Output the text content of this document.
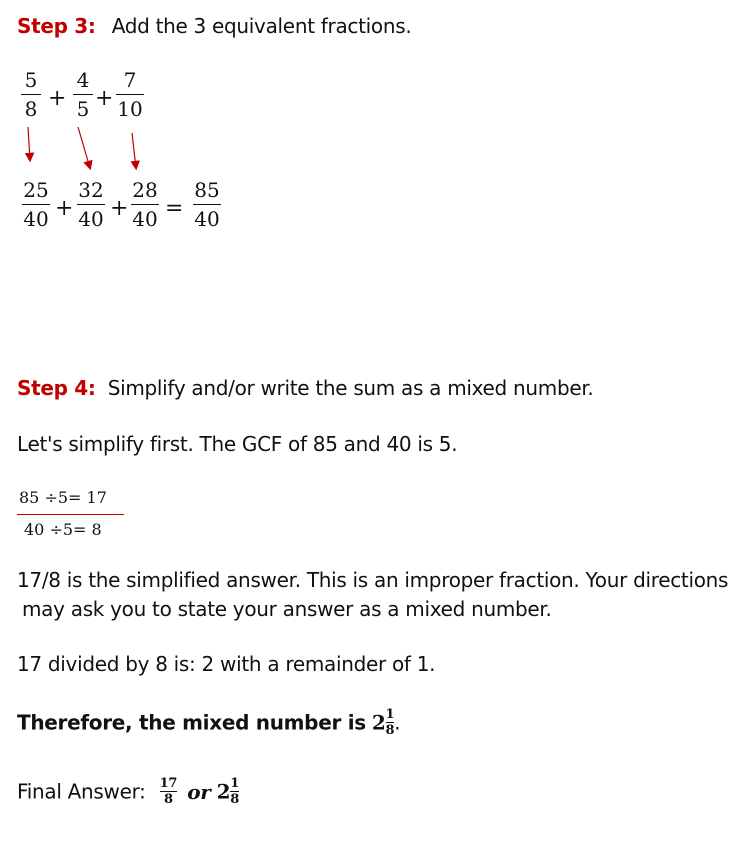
Step 3: Add the 3 equivalent fractions.
5
8 +
4
5 +
7
10
25
40 +
32
40 +
28
40 =
85
40
Step 4: Simplify and/or write the sum as a mixed number.
Let's simplify first. The GCF of 85 and 40 is 5.
85 ÷5= 17
40 ÷5= 8
17/8 is the simplified answer. This is an improper fraction. Your directions
may ask you to state your answer as a mixed number.
17 divided by 8 is: 2 with a remainder of 1.
Therefore, the mixed number is $2\frac{1}{8}$.
Final Answer: $\frac{17}{8}$ or $2\frac{1}{8}$
